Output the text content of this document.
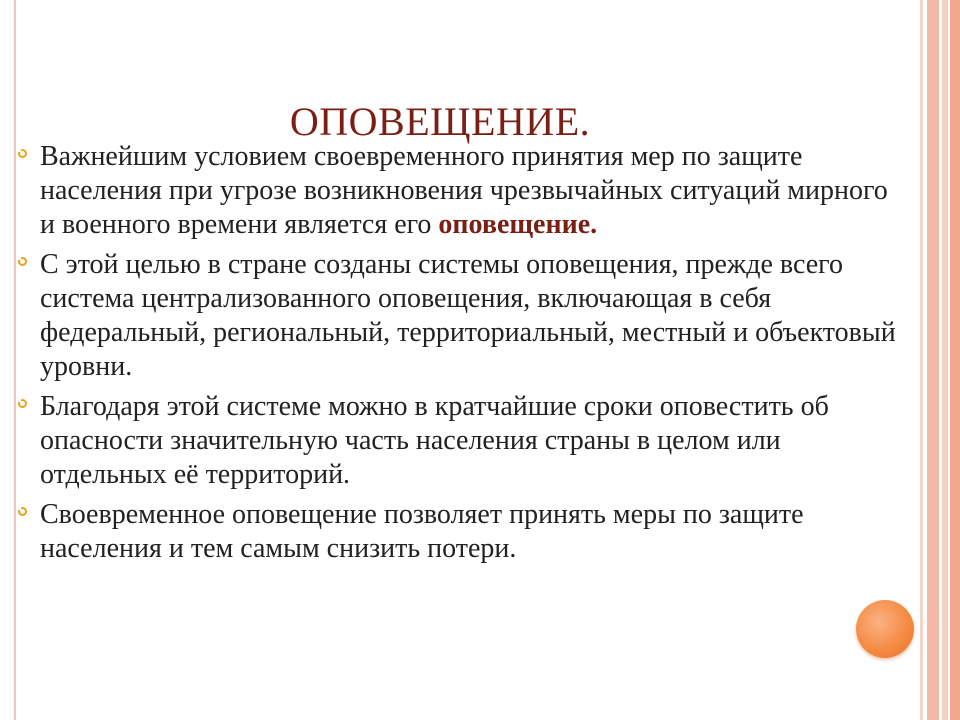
ОПОВЕЩЕНИЕ.
Важнейшим условием своевременного принятия мер по защите населения при угрозе возникновения чрезвычайных ситуаций мирного и военного времени является его оповещение.
С этой целью в стране созданы системы оповещения, прежде всего система централизованного оповещения, включающая в себя федеральный, региональный, территориальный, местный и объектовый уровни.
Благодаря этой системе можно в кратчайшие сроки оповестить об опасности значительную часть населения страны в целом или отдельных её территорий.
Своевременное оповещение позволяет принять меры по защите населения и тем самым снизить потери.
